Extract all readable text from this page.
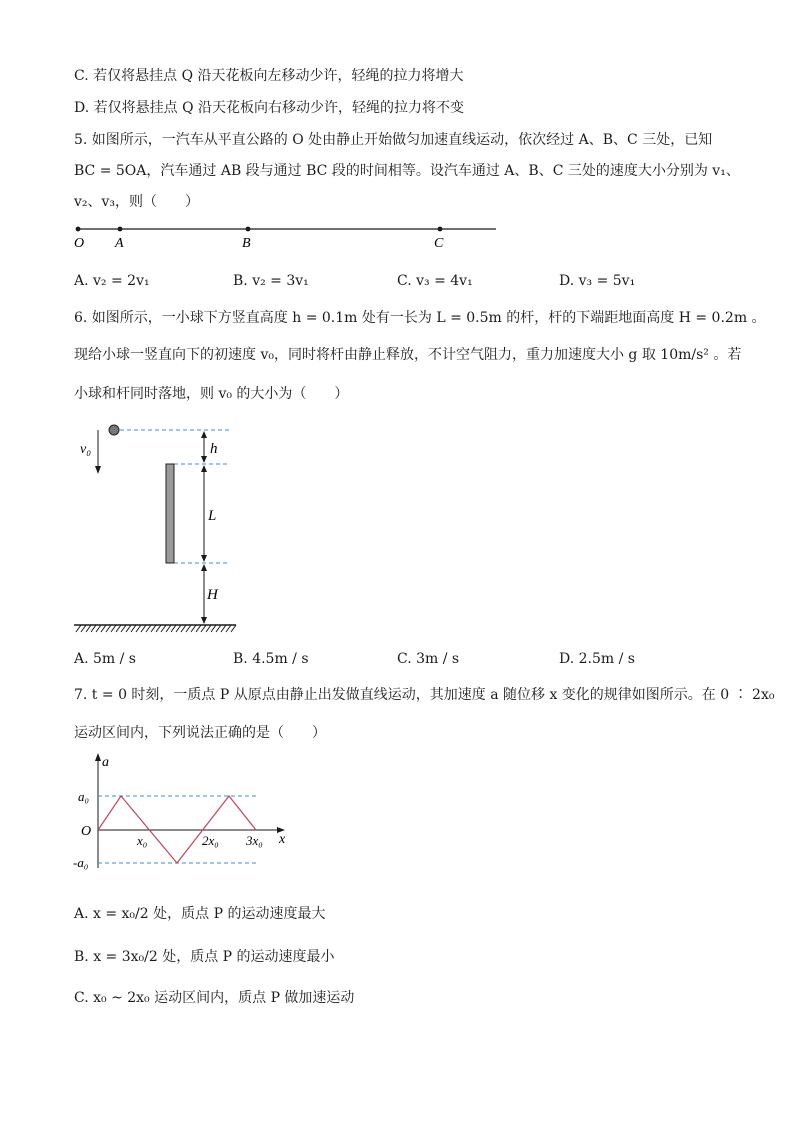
C. 若仅将悬挂点 Q 沿天花板向左移动少许，轻绳的拉力将增大
D. 若仅将悬挂点 Q 沿天花板向右移动少许，轻绳的拉力将不变
5. 如图所示，一汽车从平直公路的 O 处由静止开始做匀加速直线运动，依次经过 A、B、C 三处，已知
BC = 5OA，汽车通过 AB 段与通过 BC 段的时间相等。设汽车通过 A、B、C 三处的速度大小分别为 v₁、
v₂、v₃，则（　　）
O A	B	C
A. v₂ = 2v₁	B. v₂ = 3v₁	C. v₃ = 4v₁	D. v₃ = 5v₁
6. 如图所示，一小球下方竖直高度 h = 0.1m 处有一长为 L = 0.5m 的杆，杆的下端距地面高度 H = 0.2m 。
现给小球一竖直向下的初速度 v₀，同时将杆由静止释放，不计空气阻力，重力加速度大小 g 取 10m/s² 。若
小球和杆同时落地，则 v₀ 的大小为（　　）
v₀	h
L
H
A. 5m / s	B. 4.5m / s	C. 3m / s	D. 2.5m / s
7. t = 0 时刻，一质点 P 从原点由静止出发做直线运动，其加速度 a 随位移 x 变化的规律如图所示。在 0 ∶ 2x₀
运动区间内，下列说法正确的是（　　）
a
x
O
a₀
-a₀
x₀	2x₀ 3x₀
A. x = x₀/2 处，质点 P 的运动速度最大
B. x = 3x₀/2 处，质点 P 的运动速度最小
C. x₀ ~ 2x₀ 运动区间内，质点 P 做加速运动
